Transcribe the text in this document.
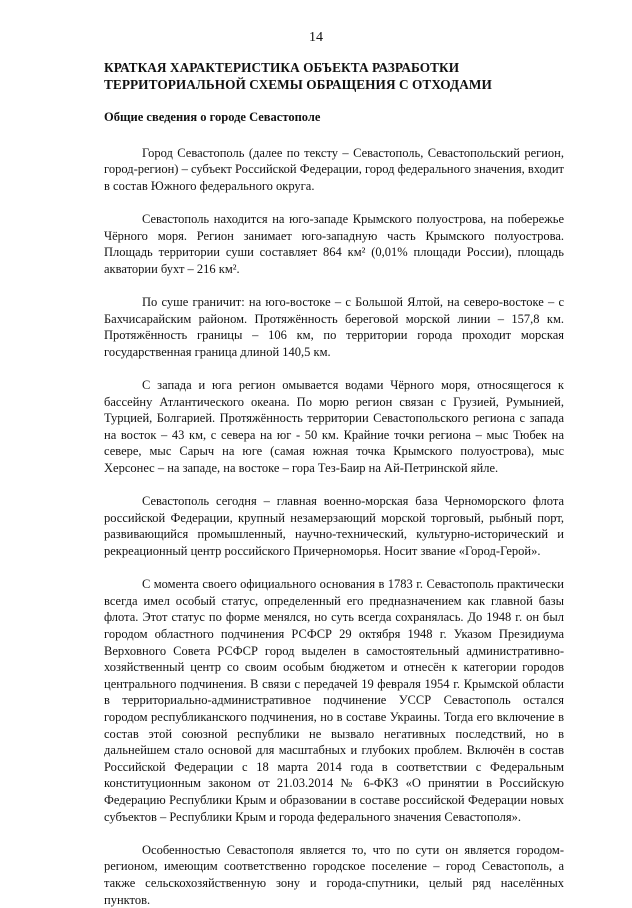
14
КРАТКАЯ ХАРАКТЕРИСТИКА ОБЪЕКТА РАЗРАБОТКИ ТЕРРИТОРИАЛЬНОЙ СХЕМЫ ОБРАЩЕНИЯ С ОТХОДАМИ
Общие сведения о городе Севастополе

Город Севастополь (далее по тексту – Севастополь, Севастопольский регион, город-регион) – субъект Российской Федерации, город федерального значения, входит в состав Южного федерального округа.

Севастополь находится на юго-западе Крымского полуострова, на побережье Чёрного моря. Регион занимает юго-западную часть Крымского полуострова. Площадь территории суши составляет 864 км² (0,01% площади России), площадь акватории бухт – 216 км².

По суше граничит: на юго-востоке – с Большой Ялтой, на северо-востоке – с Бахчисарайским районом. Протяжённость береговой морской линии – 157,8 км. Протяжённость границы – 106 км, по территории города проходит морская государственная граница длиной 140,5 км.

С запада и юга регион омывается водами Чёрного моря, относящегося к бассейну Атлантического океана. По морю регион связан с Грузией, Румынией, Турцией, Болгарией. Протяжённость территории Севастопольского региона с запада на восток – 43 км, с севера на юг - 50 км. Крайние точки региона – мыс Тюбек на севере, мыс Сарыч на юге (самая южная точка Крымского полуострова), мыс Херсонес – на западе, на востоке – гора Тез-Баир на Ай-Петринской яйле.

Севастополь сегодня – главная военно-морская база Черноморского флота российской Федерации, крупный незамерзающий морской торговый, рыбный порт, развивающийся промышленный, научно-технический, культурно-исторический и рекреационный центр российского Причерноморья. Носит звание «Город-Герой».

С момента своего официального основания в 1783 г. Севастополь практически всегда имел особый статус, определенный его предназначением как главной базы флота. Этот статус по форме менялся, но суть всегда сохранялась. До 1948 г. он был городом областного подчинения РСФСР 29 октября 1948 г. Указом Президиума Верховного Совета РСФСР город выделен в самостоятельный административно-хозяйственный центр со своим особым бюджетом и отнесён к категории городов центрального подчинения. В связи с передачей 19 февраля 1954 г. Крымской области в территориально-административное подчинение УССР Севастополь остался городом республиканского подчинения, но в составе Украины. Тогда его включение в состав этой союзной республики не вызвало негативных последствий, но в дальнейшем стало основой для масштабных и глубоких проблем. Включён в состав Российской Федерации с 18 марта 2014 года в соответствии с Федеральным конституционным законом от 21.03.2014 № 6-ФКЗ «О принятии в Российскую Федерацию Республики Крым и образовании в составе российской Федерации новых субъектов – Республики Крым и города федерального значения Севастополя».

Особенностью Севастополя является то, что по сути он является городом-регионом, имеющим соответственно городское поселение – город Севастополь, а также сельскохозяйственную зону и города-спутники, целый ряд населённых пунктов.
